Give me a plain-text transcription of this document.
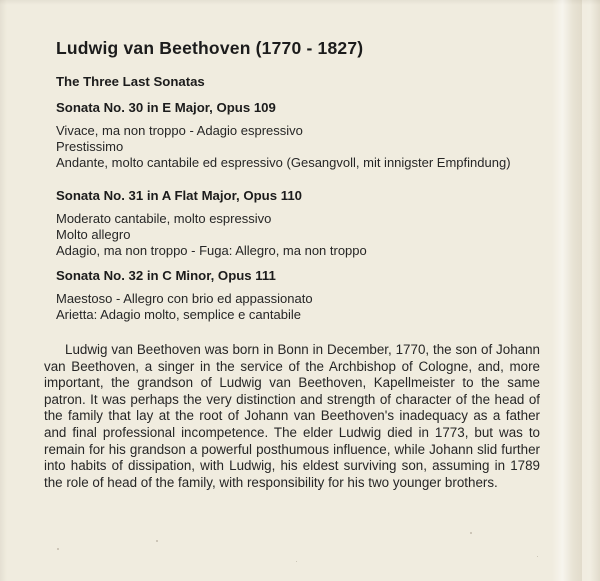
Ludwig van Beethoven (1770 - 1827)
The Three Last Sonatas
Sonata No. 30 in E Major, Opus 109
Vivace, ma non troppo - Adagio espressivo
Prestissimo
Andante, molto cantabile ed espressivo (Gesangvoll, mit innigster Empfindung)
Sonata No. 31 in A Flat Major, Opus 110
Moderato cantabile, molto espressivo
Molto allegro
Adagio, ma non troppo - Fuga: Allegro, ma non troppo
Sonata No. 32 in C Minor, Opus 111
Maestoso - Allegro con brio ed appassionato
Arietta: Adagio molto, semplice e cantabile
Ludwig van Beethoven was born in Bonn in December, 1770, the son of Johann van Beethoven, a singer in the service of the Archbishop of Cologne, and, more important, the grandson of Ludwig van Beethoven, Kapellmeister to the same patron. It was perhaps the very distinction and strength of character of the head of the family that lay at the root of Johann van Beethoven's inadequacy as a father and final professional incompetence. The elder Ludwig died in 1773, but was to remain for his grandson a powerful posthumous influence, while Johann slid further into habits of dissipation, with Ludwig, his eldest surviving son, assuming in 1789 the role of head of the family, with responsibility for his two younger brothers.
